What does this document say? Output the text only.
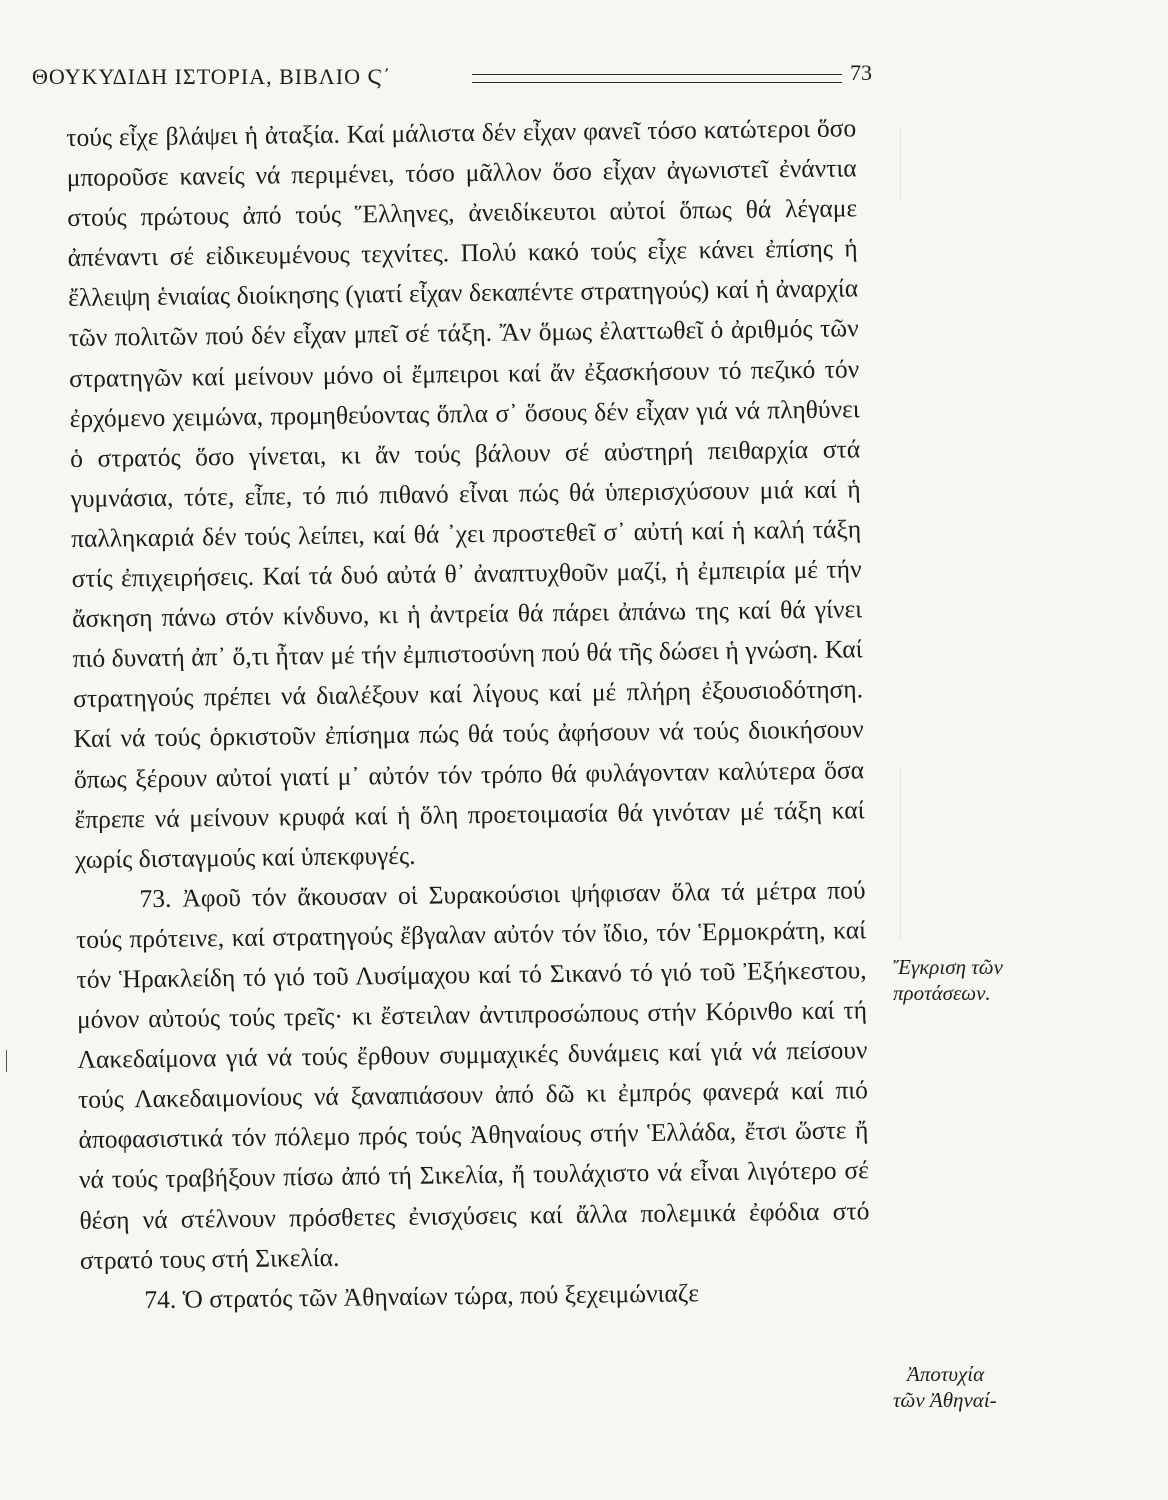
ΘΟΥΚΥΔΙΔΗ ΙΣΤΟΡΙΑ, ΒΙΒΛΙΟ Ϛ΄	73

τούς εἶχε βλάψει ἡ ἀταξία. Καί μάλιστα δέν εἶχαν φανεῖ τόσο κατώτεροι ὅσο μποροῦσε κανείς νά περιμένει, τόσο μᾶλλον ὅσο εἶχαν ἀγωνιστεῖ ἐνάντια στούς πρώτους ἀπό τούς Ἕλληνες, ἀνειδίκευτοι αὐτοί ὅπως θά λέγαμε ἀπέναντι σέ εἰδικευμένους τεχνίτες. Πολύ κακό τούς εἶχε κάνει ἐπίσης ἡ ἔλλειψη ἑνιαίας διοίκησης (γιατί εἶχαν δεκαπέντε στρατηγούς) καί ἡ ἀναρχία τῶν πολιτῶν πού δέν εἶχαν μπεῖ σέ τάξη. Ἄν ὅμως ἐλαττωθεῖ ὁ ἀριθμός τῶν στρατηγῶν καί μείνουν μόνο οἱ ἔμπειροι καί ἄν ἐξασκήσουν τό πεζικό τόν ἐρχόμενο χειμώνα, προμηθεύοντας ὅπλα σ᾽ ὅσους δέν εἶχαν γιά νά πληθύνει ὁ στρατός ὅσο γίνεται, κι ἄν τούς βάλουν σέ αὐστηρή πειθαρχία στά γυμνάσια, τότε, εἶπε, τό πιό πιθανό εἶναι πώς θά ὑπερισχύσουν μιά καί ἡ παλληκαριά δέν τούς λείπει, καί θά ᾽χει προστεθεῖ σ᾽ αὐτή καί ἡ καλή τάξη στίς ἐπιχειρήσεις. Καί τά δυό αὐτά θ᾽ ἀναπτυχθοῦν μαζί, ἡ ἐμπειρία μέ τήν ἄσκηση πάνω στόν κίνδυνο, κι ἡ ἀντρεία θά πάρει ἀπάνω της καί θά γίνει πιό δυνατή ἀπ᾽ ὅ,τι ἦταν μέ τήν ἐμπιστοσύνη πού θά τῆς δώσει ἡ γνώση. Καί στρατηγούς πρέπει νά διαλέξουν καί λίγους καί μέ πλήρη ἐξουσιοδότηση. Καί νά τούς ὁρκιστοῦν ἐπίσημα πώς θά τούς ἀφήσουν νά τούς διοικήσουν ὅπως ξέρουν αὐτοί γιατί μ᾽ αὐτόν τόν τρόπο θά φυλάγονταν καλύτερα ὅσα ἔπρεπε νά μείνουν κρυφά καί ἡ ὅλη προετοιμασία θά γινόταν μέ τάξη καί χωρίς δισταγμούς καί ὑπεκφυγές.

73. Ἀφοῦ τόν ἄκουσαν οἱ Συρακούσιοι ψήφισαν ὅλα τά μέτρα πού τούς πρότεινε, καί στρατηγούς ἔβγαλαν αὐτόν τόν ἴδιο, τόν Ἑρμοκράτη, καί τόν Ἡρακλείδη τό γιό τοῦ Λυσίμαχου καί τό Σικανό τό γιό τοῦ Ἐξήκεστου, μόνον αὐτούς τούς τρεῖς· κι ἔστειλαν ἀντιπροσώπους στήν Κόρινθο καί τή Λακεδαίμονα γιά νά τούς ἔρθουν συμμαχικές δυνάμεις καί γιά νά πείσουν τούς Λακεδαιμονίους νά ξαναπιάσουν ἀπό δῶ κι ἐμπρός φανερά καί πιό ἀποφασιστικά τόν πόλεμο πρός τούς Ἀθηναίους στήν Ἑλλάδα, ἔτσι ὥστε ἤ νά τούς τραβήξουν πίσω ἀπό τή Σικελία, ἤ τουλάχιστο νά εἶναι λιγότερο σέ θέση νά στέλνουν πρόσθετες ἐνισχύσεις καί ἄλλα πολεμικά ἐφόδια στό στρατό τους στή Σικελία.

74. Ὁ στρατός τῶν Ἀθηναίων τώρα, πού ξεχειμώνιαζε

Ἔγκριση τῶν
προτάσεων.
Ἀποτυχία
τῶν Ἀθηναί-
